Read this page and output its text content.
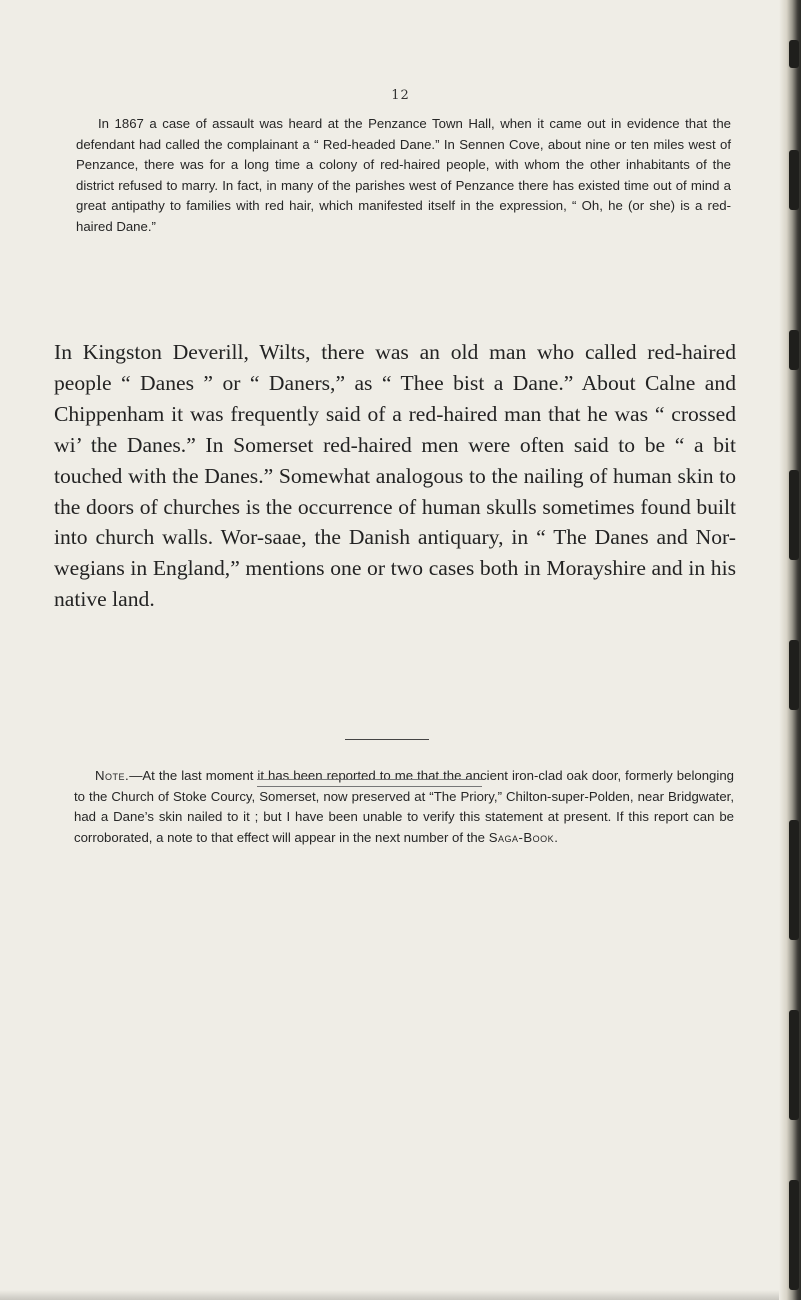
12

In 1867 a case of assault was heard at the Penzance Town Hall, when it came out in evidence that the defendant had called the complainant a “ Red-headed Dane.” In Sennen Cove, about nine or ten miles west of Penzance, there was for a long time a colony of red-haired people, with whom the other inhabitants of the district refused to marry. In fact, in many of the parishes west of Penzance there has existed time out of mind a great antipathy to families with red hair, which manifested itself in the expression, “ Oh, he (or she) is a red-haired Dane.”

In Kingston Deverill, Wilts, there was an old man who called red-haired people “ Danes ” or “ Daners,” as “ Thee bist a Dane.” About Calne and Chippenham it was frequently said of a red-haired man that he was “ crossed wi’ the Danes.” In Somerset red-haired men were often said to be “ a bit touched with the Danes.” Somewhat analogous to the nailing of human skin to the doors of churches is the occurrence of human skulls sometimes found built into church walls. Wor-saae, the Danish antiquary, in “ The Danes and Nor-wegians in England,” mentions one or two cases both in Morayshire and in his native land.

Note.—At the last moment it has been reported to me that the ancient iron-clad oak door, formerly belonging to the Church of Stoke Courcy, Somerset, now preserved at “The Priory,” Chilton-super-Polden, near Bridgwater, had a Dane’s skin nailed to it ; but I have been unable to verify this statement at present. If this report can be corroborated, a note to that effect will appear in the next number of the Saga-Book.
